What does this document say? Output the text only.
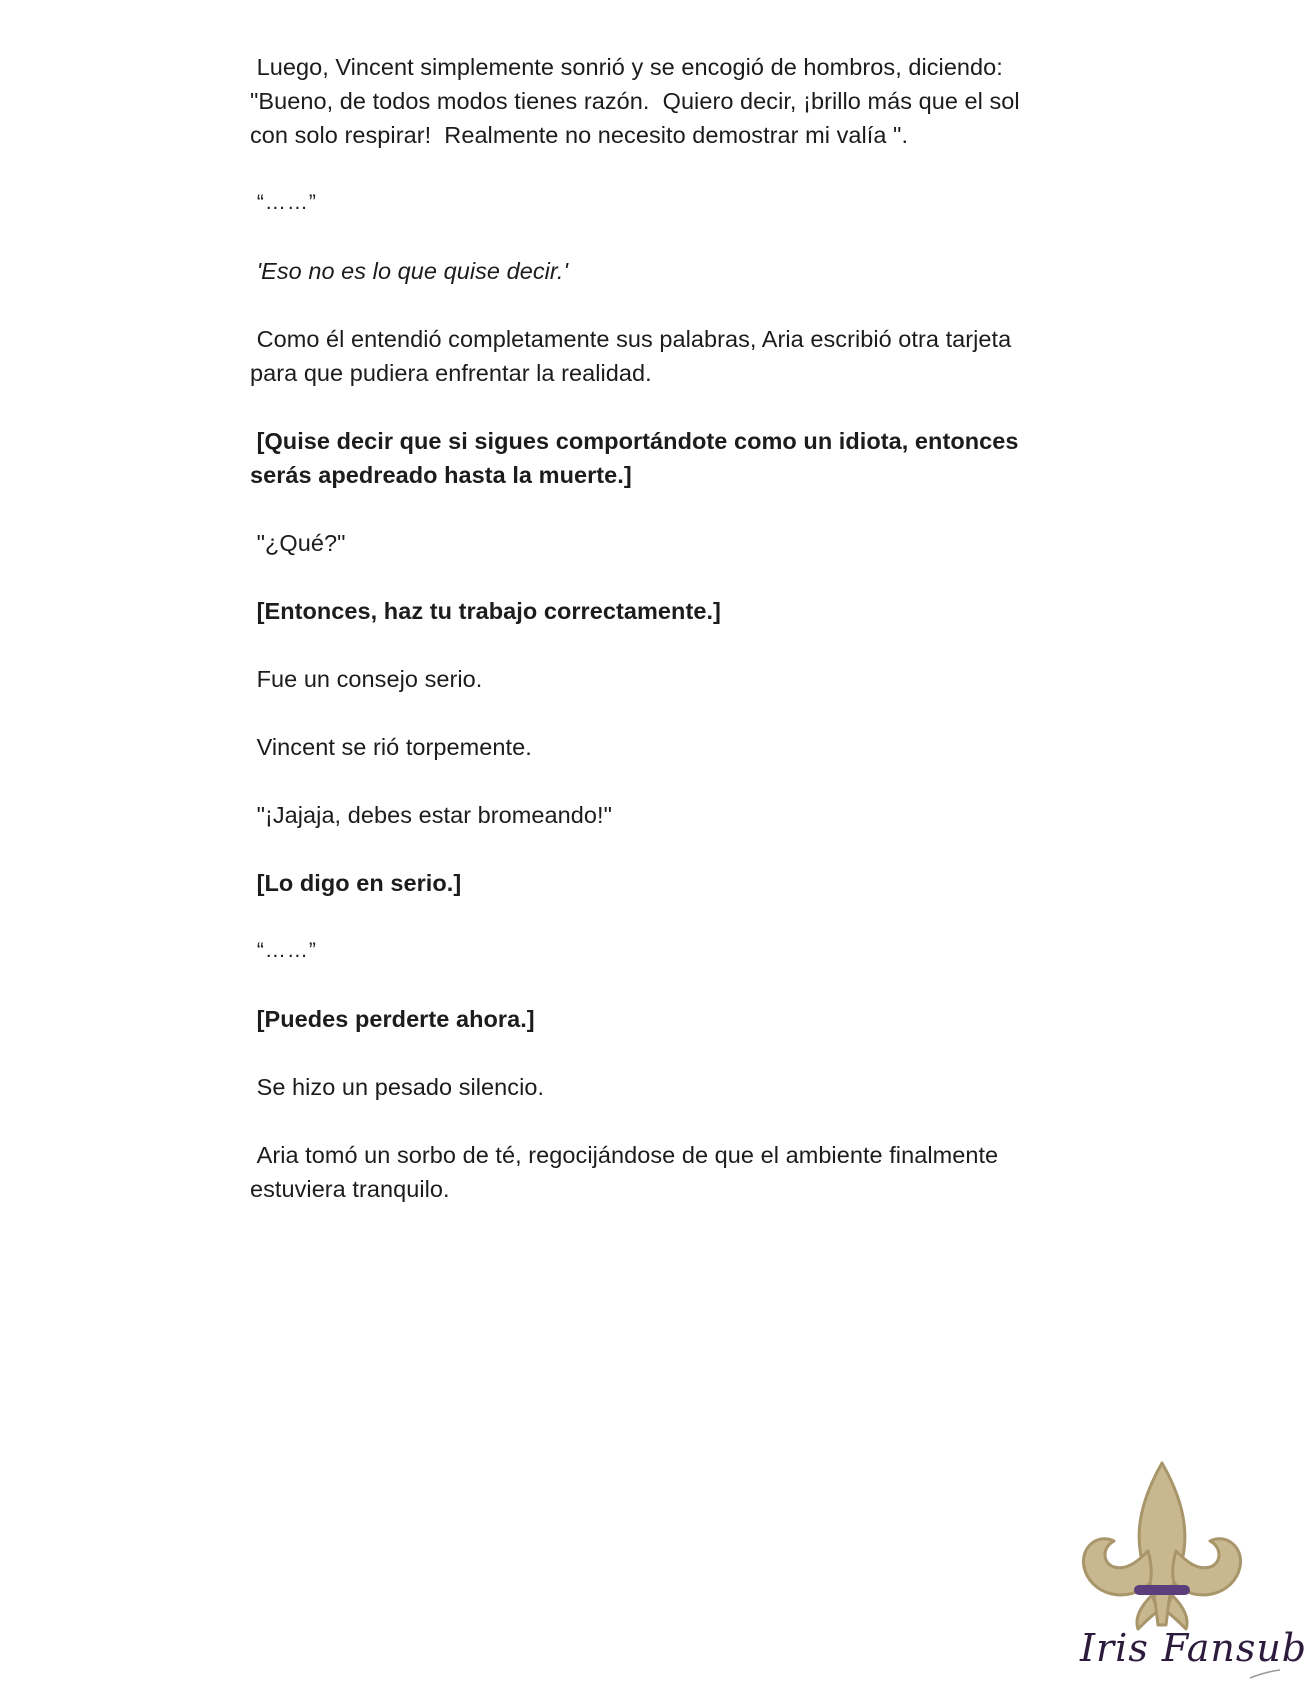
Luego, Vincent simplemente sonrió y se encogió de hombros, diciendo: "Bueno, de todos modos tienes razón.  Quiero decir, ¡brillo más que el sol con solo respirar!  Realmente no necesito demostrar mi valía ".

“……”

'Eso no es lo que quise decir.'

Como él entendió completamente sus palabras, Aria escribió otra tarjeta para que pudiera enfrentar la realidad.

[Quise decir que si sigues comportándote como un idiota, entonces serás apedreado hasta la muerte.]

"¿Qué?"

[Entonces, haz tu trabajo correctamente.]

Fue un consejo serio.

Vincent se rió torpemente.

"¡Jajaja, debes estar bromeando!"

[Lo digo en serio.]

“……”

[Puedes perderte ahora.]

Se hizo un pesado silencio.

Aria tomó un sorbo de té, regocijándose de que el ambiente finalmente estuviera tranquilo.

Iris Fansub
